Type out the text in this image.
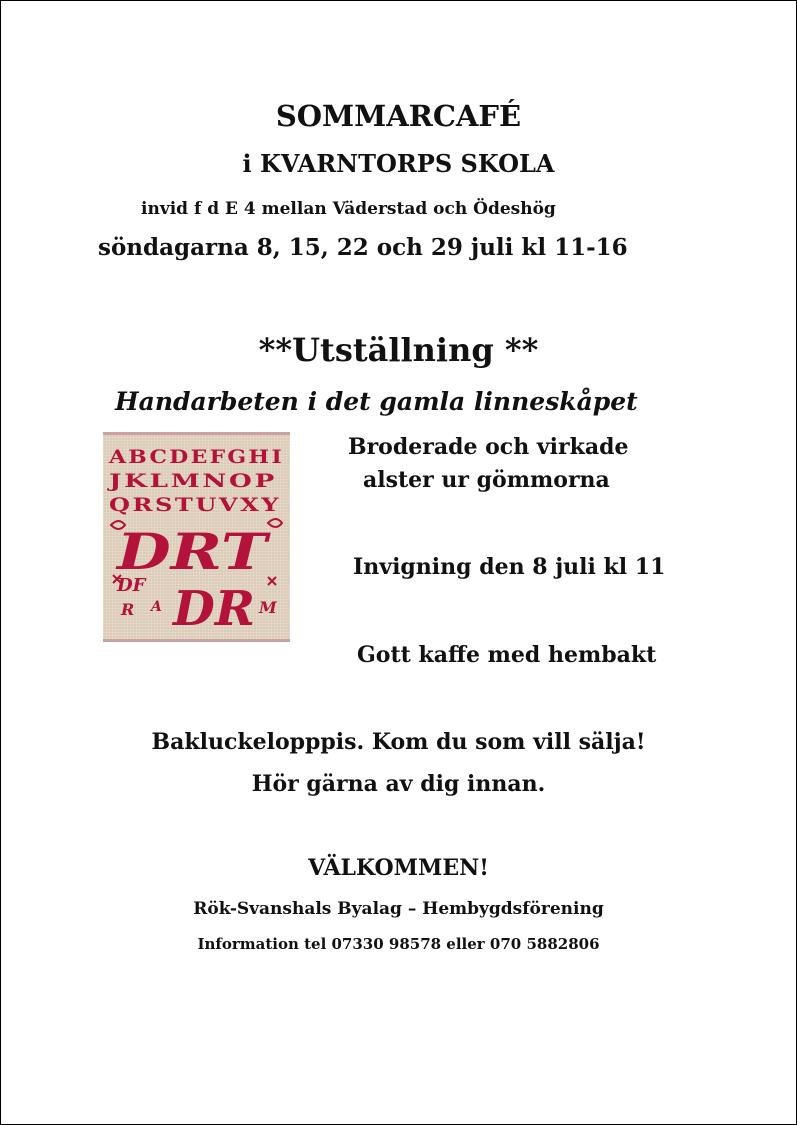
SOMMARCAFÉ
i KVARNTORPS SKOLA
invid f d E 4 mellan Väderstad och Ödeshög
söndagarna 8, 15, 22 och 29 juli kl 11-16
**Utställning **
Handarbeten i det gamla linneskåpet
ABCDEFGHI
JKLMNOP
QRSTUVXY
DRT
DR
DF
R A	M
Broderade och virkade
alster ur gömmorna
Invigning den 8 juli kl 11
Gott kaffe med hembakt
Bakluckelopppis. Kom du som vill sälja!
Hör gärna av dig innan.
VÄLKOMMEN!
Rök-Svanshals Byalag – Hembygdsförening
Information tel 07330 98578 eller 070 5882806
